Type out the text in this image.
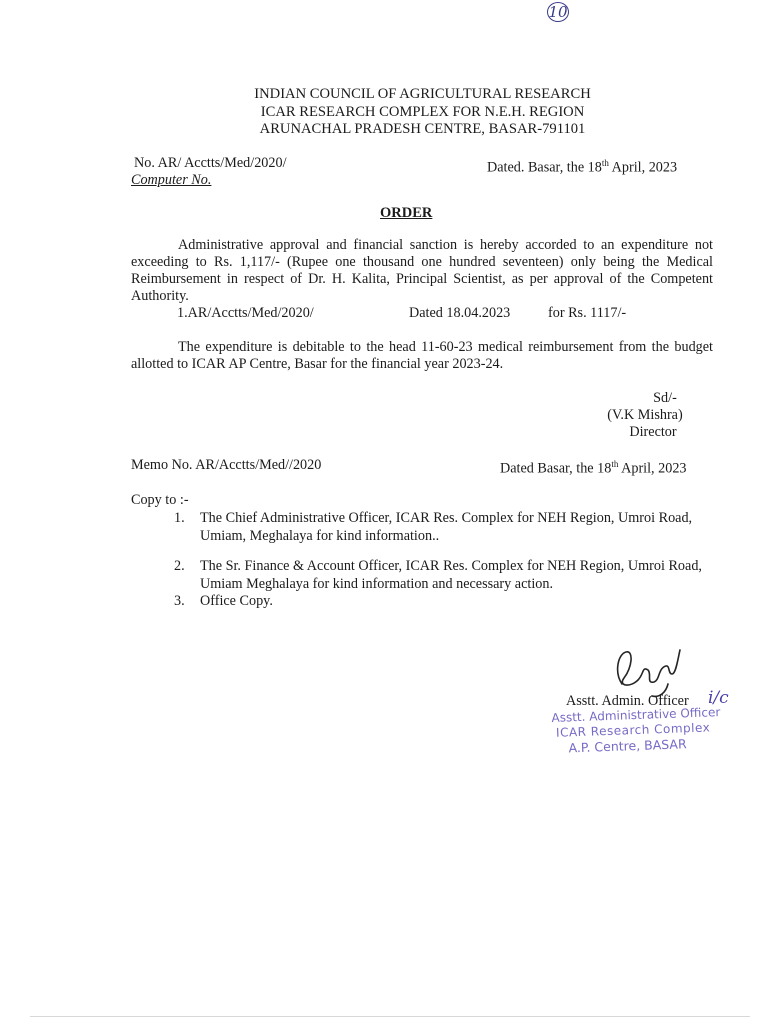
10
INDIAN COUNCIL OF AGRICULTURAL RESEARCH
ICAR RESEARCH COMPLEX FOR N.E.H. REGION
ARUNACHAL PRADESH CENTRE, BASAR-791101
No. AR/ Acctts/Med/2020/
Computer No.
Dated. Basar, the 18th April, 2023
ORDER
Administrative approval and financial sanction is hereby accorded to an expenditure not exceeding to Rs. 1,117/- (Rupee one thousand one hundred seventeen) only being the Medical Reimbursement in respect of Dr. H. Kalita, Principal Scientist, as per approval of the Competent Authority.
1.AR/Acctts/Med/2020/	Dated 18.04.2023	for Rs. 1117/-
The expenditure is debitable to the head 11-60-23 medical reimbursement from the budget allotted to ICAR AP Centre, Basar for the financial year 2023-24.
Sd/-
(V.K Mishra)
Director
Memo No. AR/Acctts/Med//2020	Dated Basar, the 18th April, 2023
Copy to :-
1. The Chief Administrative Officer, ICAR Res. Complex for NEH Region, Umroi Road, Umiam, Meghalaya for kind information..
2. The Sr. Finance & Account Officer, ICAR Res. Complex for NEH Region, Umroi Road, Umiam Meghalaya for kind information and necessary action.
3. Office Copy.
Asstt. Admin. Officer i/c
Asstt. Administrative Officer
ICAR Research Complex
A.P. Centre, BASAR
